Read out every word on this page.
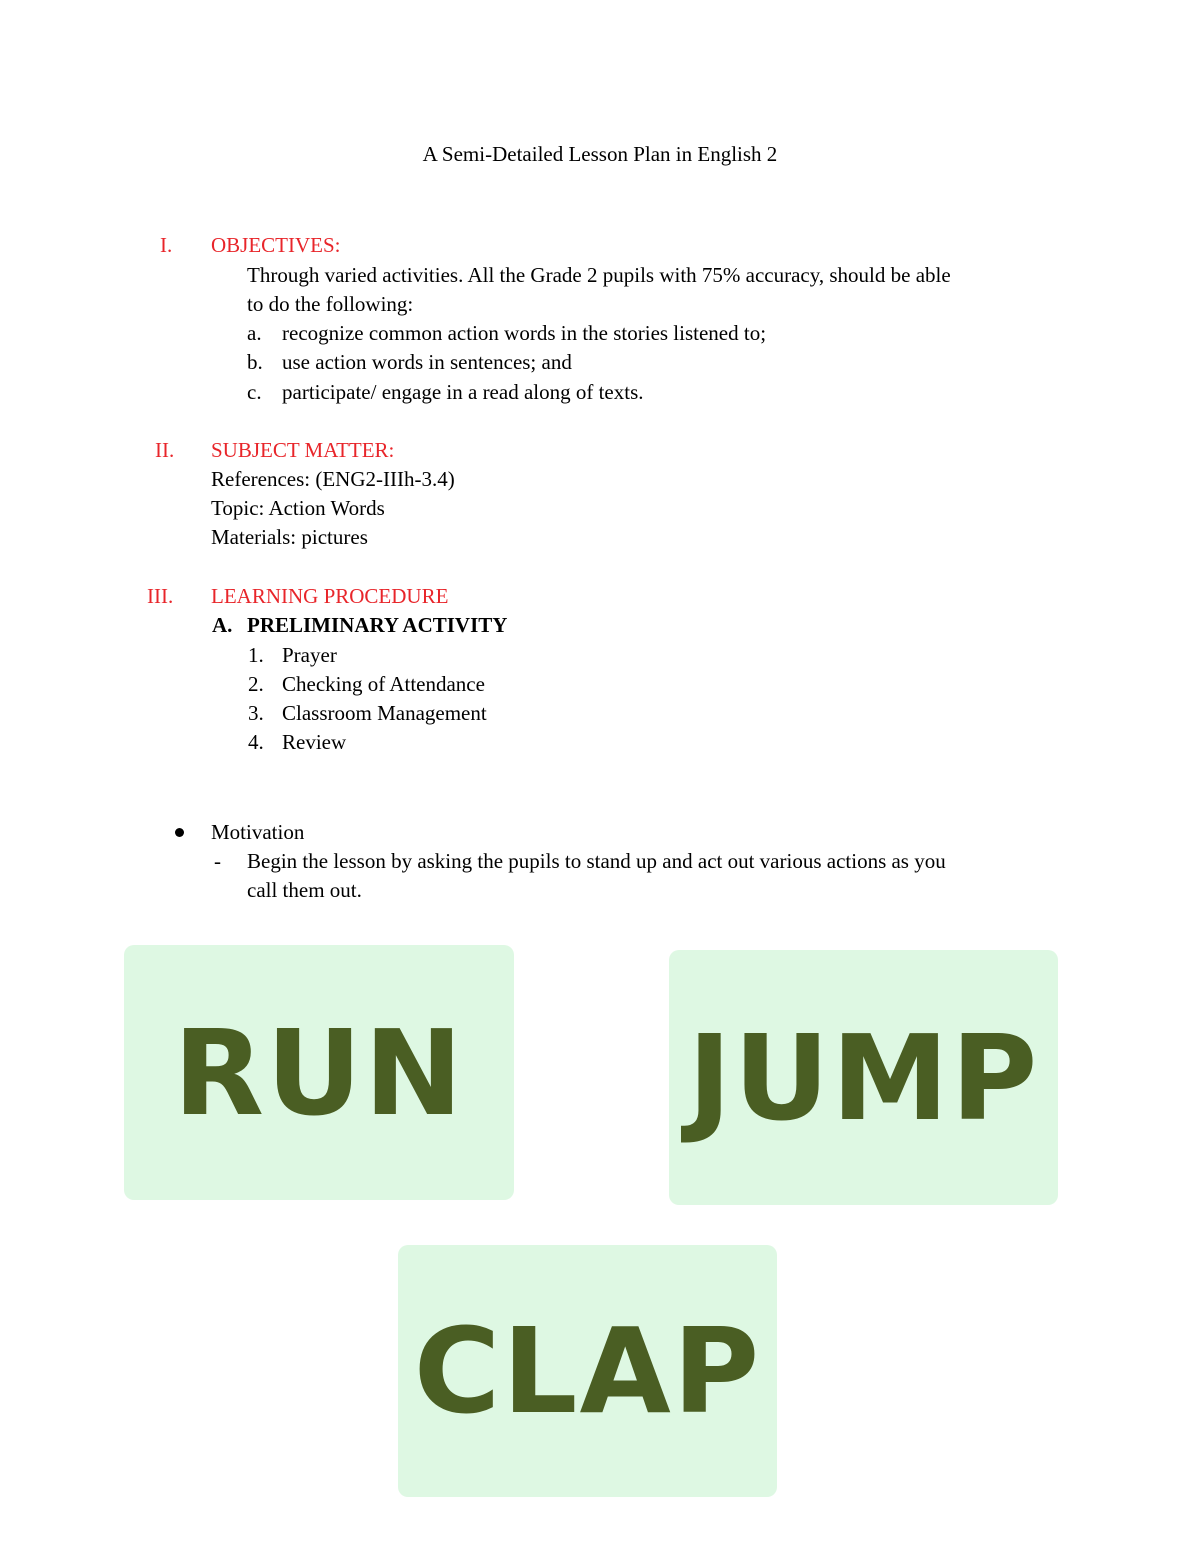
A Semi-Detailed Lesson Plan in English 2
I. OBJECTIVES:
Through varied activities. All the Grade 2 pupils with 75% accuracy, should be able
to do the following:
a. recognize common action words in the stories listened to;
b. use action words in sentences; and
c. participate/ engage in a read along of texts.
II. SUBJECT MATTER:
References: (ENG2-IIIh-3.4)
Topic: Action Words
Materials: pictures
III. LEARNING PROCEDURE
A. PRELIMINARY ACTIVITY
1. Prayer
2. Checking of Attendance
3. Classroom Management
4. Review
Motivation
- Begin the lesson by asking the pupils to stand up and act out various actions as you
call them out.
RUN JUMP
CLAP
